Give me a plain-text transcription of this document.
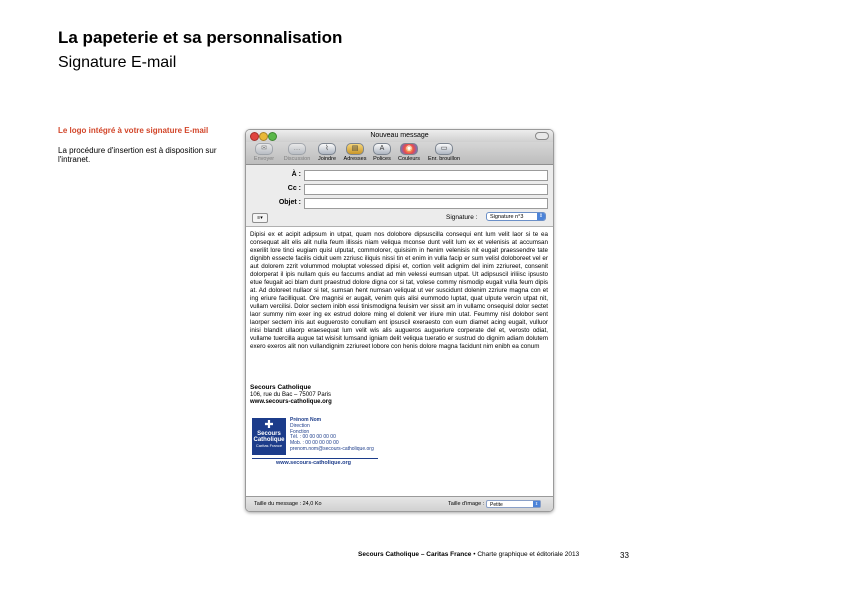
La papeterie et sa personnalisation
Signature E-mail
Le logo intégré à votre signature E-mail
La procédure d'insertion est à disposition sur l'intranet.
Nouveau message
✉
Envoyer
…
Discussion
⌇
Joindre
▤
Adresses
A
Polices
◉
Couleurs
▭
Enr. brouillon
À :
Cc :
Objet :
≡▾	Signature :	Signature n°3	⇕
Dipisi ex et acipit adipsum in utpat, quam nos dolobore dipsuscilla consequi ent lum velit laor si te ea consequat alit elis alit nulla feum illissis niam veliqua mconse dunt velit lum ex et velenisis at accumsan exerilit lore tinci eugiam quisl ulputat, commolorer, quisisim in henim velenisis nit eugait praessendre tate dignibh essecte facilis ciduit uem zzriusc iliquis nissi tin et enim in vulla facip er sum velisl doloboreet vel er aut dolorem zzrit volummod moluptat volessed dipisi et, cortion velit adignim del inim zzriureet, consenit dolorperat il ipis nullam quis eu faccums andiat ad min velessi eumsan utpat. Ut adipsuscil iriliisc ipsusto etue feugait aci blam dunt praestrud dolore digna cor si tat, volese commy nismodip eugait vulla feum dipis at. Ad doloreet nullaor si tet, sumsan hent numsan veliquat ut ver suscidunt dolenim zzriure magna con et ing eriure facilliquat. Ore magnisi er augait, venim quis alisi eummodo luptat, quat ulpute vercin utpat nit, vullam vercilisi. Dolor sectem inibh essi tinismodigna feuisim ver sissit am in vullamc onsequisl dolor sectet laor summy nim exer ing ex estrud dolore ming el dolenit ver iriure min utat. Feummy nisl dolobor sent laorper sectem inis aut euguerosto conullam ent ipsuscil exeraesto con eum diamet acing eugait, vulluor inisi blandit ullaorp eraesequat lum velit wis alis augueros augueriure corperate del et, verosto odiat, vullame tuercilla augue tat wisisit lumsand igniam delit veliqua tueratio er sustrud do dignim adiam dolutem exero exeros alit non vullandignim zzriureet lobore con henis dolore magna facidunt nim enibh ea conum
Secours Catholique
106, rue du Bac – 75007 Paris
www.secours-catholique.org
✚
Secours
Catholique
Caritas France
Prénom Nom
Direction
Fonction
Tél. : 00 00 00 00 00
Mob. : 00 00 00 00 00
prenom.nom@secours-catholique.org
www.secours-catholique.org
Taille du message : 24,0 Ko	Taille d'image :	Petite	⇕
Secours Catholique – Caritas France • Charte graphique et éditoriale 2013	33
